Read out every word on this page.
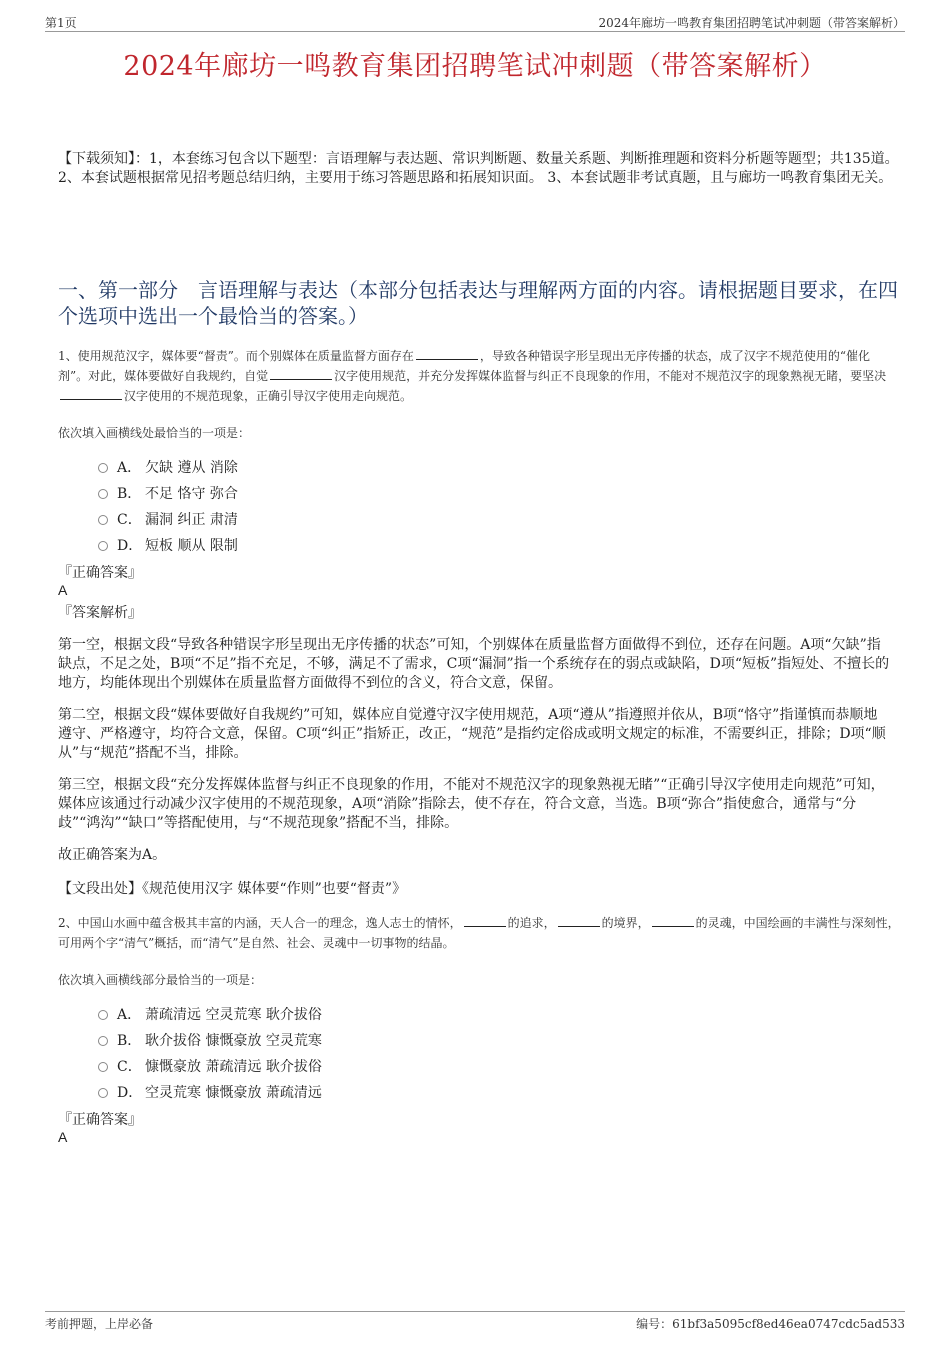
第1页	2024年廊坊一鸣教育集团招聘笔试冲刺题（带答案解析）
2024年廊坊一鸣教育集团招聘笔试冲刺题（带答案解析）
【下载须知】：1，本套练习包含以下题型：言语理解与表达题、常识判断题、数量关系题、判断推理题和资料分析题等题型；共135道。 2、本套试题根据常见招考题总结归纳，主要用于练习答题思路和拓展知识面。 3、本套试题非考试真题，且与廊坊一鸣教育集团无关。
一、第一部分　言语理解与表达（本部分包括表达与理解两方面的内容。请根据题目要求，在四个选项中选出一个最恰当的答案。）
1、使用规范汉字，媒体要“督责”。而个别媒体在质量监督方面存在	，导致各种错误字形呈现出无序传播的状态，成了汉字不规范使用的“催化剂”。对此，媒体要做好自我规约，自觉	汉字使用规范，并充分发挥媒体监督与纠正不良现象的作用，不能对不规范汉字的现象熟视无睹，要坚决汉字使用的不规范现象，正确引导汉字使用走向规范。
依次填入画横线处最恰当的一项是：
A． 欠缺 遵从 消除
B． 不足 恪守 弥合
C． 漏洞 纠正 肃清
D． 短板 顺从 限制
『正确答案』
A
『答案解析』
第一空，根据文段“导致各种错误字形呈现出无序传播的状态”可知，个别媒体在质量监督方面做得不到位，还存在问题。A项“欠缺”指缺点，不足之处，B项“不足”指不充足，不够，满足不了需求，C项“漏洞”指一个系统存在的弱点或缺陷，D项“短板”指短处、不擅长的地方，均能体现出个别媒体在质量监督方面做得不到位的含义，符合文意，保留。
第二空，根据文段“媒体要做好自我规约”可知，媒体应自觉遵守汉字使用规范，A项“遵从”指遵照并依从，B项“恪守”指谨慎而恭顺地遵守、严格遵守，均符合文意，保留。C项“纠正”指矫正，改正，“规范”是指约定俗成或明文规定的标准，不需要纠正，排除；D项“顺从”与“规范”搭配不当，排除。
第三空，根据文段“充分发挥媒体监督与纠正不良现象的作用，不能对不规范汉字的现象熟视无睹”“正确引导汉字使用走向规范”可知，媒体应该通过行动减少汉字使用的不规范现象，A项“消除”指除去，使不存在，符合文意，当选。B项“弥合”指使愈合，通常与“分歧”“鸿沟”“缺口”等搭配使用，与“不规范现象”搭配不当，排除。
故正确答案为A。
【文段出处】《规范使用汉字 媒体要“作则”也要“督责”》
2、中国山水画中蕴含极其丰富的内涵，天人合一的理念，逸人志士的情怀，	的追求，	的境界，	的灵魂，中国绘画的丰满性与深刻性，可用两个字“清气”概括，而“清气”是自然、社会、灵魂中一切事物的结晶。
依次填入画横线部分最恰当的一项是：
A． 萧疏清远 空灵荒寒 耿介拔俗
B． 耿介拔俗 慷慨豪放 空灵荒寒
C． 慷慨豪放 萧疏清远 耿介拔俗
D． 空灵荒寒 慷慨豪放 萧疏清远
『正确答案』
A
考前押题，上岸必备	编号：61bf3a5095cf8ed46ea0747cdc5ad533
